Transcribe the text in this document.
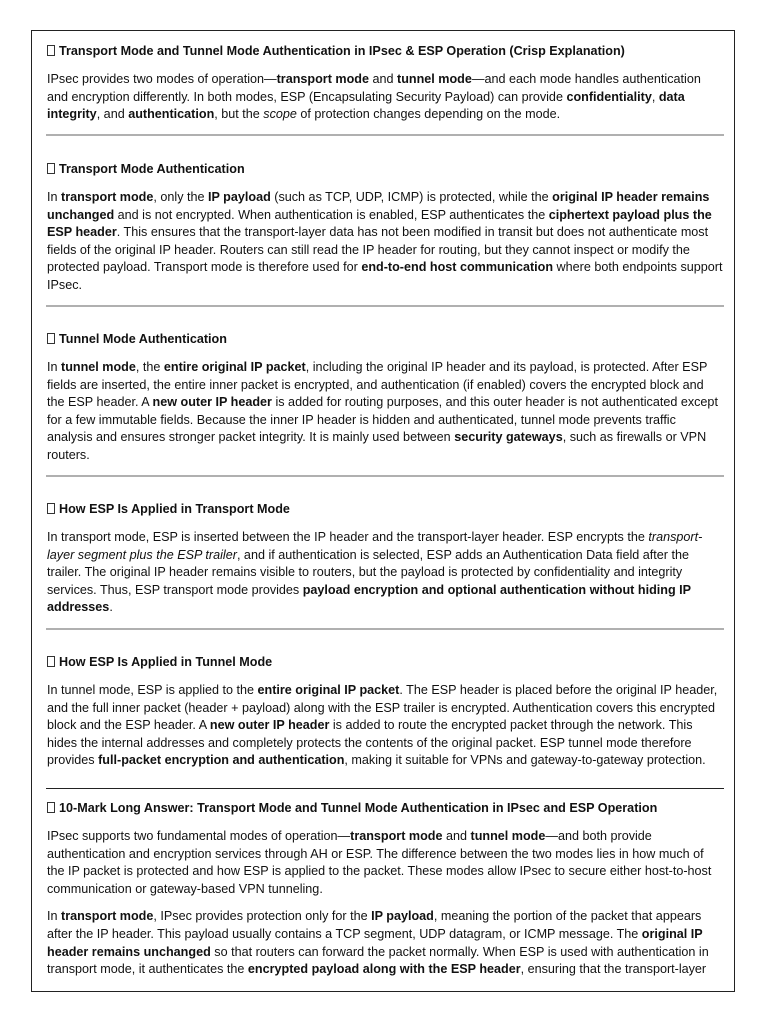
Transport Mode and Tunnel Mode Authentication in IPsec & ESP Operation (Crisp Explanation)

IPsec provides two modes of operation—transport mode and tunnel mode—and each mode handles authentication and encryption differently. In both modes, ESP (Encapsulating Security Payload) can provide confidentiality, data integrity, and authentication, but the scope of protection changes depending on the mode.

Transport Mode Authentication

In transport mode, only the IP payload (such as TCP, UDP, ICMP) is protected, while the original IP header remains unchanged and is not encrypted. When authentication is enabled, ESP authenticates the ciphertext payload plus the ESP header. This ensures that the transport-layer data has not been modified in transit but does not authenticate most fields of the original IP header. Routers can still read the IP header for routing, but they cannot inspect or modify the protected payload. Transport mode is therefore used for end-to-end host communication where both endpoints support IPsec.

Tunnel Mode Authentication

In tunnel mode, the entire original IP packet, including the original IP header and its payload, is protected. After ESP fields are inserted, the entire inner packet is encrypted, and authentication (if enabled) covers the encrypted block and the ESP header. A new outer IP header is added for routing purposes, and this outer header is not authenticated except for a few immutable fields. Because the inner IP header is hidden and authenticated, tunnel mode prevents traffic analysis and ensures stronger packet integrity. It is mainly used between security gateways, such as firewalls or VPN routers.

How ESP Is Applied in Transport Mode

In transport mode, ESP is inserted between the IP header and the transport-layer header. ESP encrypts the transport-layer segment plus the ESP trailer, and if authentication is selected, ESP adds an Authentication Data field after the trailer. The original IP header remains visible to routers, but the payload is protected by confidentiality and integrity services. Thus, ESP transport mode provides payload encryption and optional authentication without hiding IP addresses.

How ESP Is Applied in Tunnel Mode

In tunnel mode, ESP is applied to the entire original IP packet. The ESP header is placed before the original IP header, and the full inner packet (header + payload) along with the ESP trailer is encrypted. Authentication covers this encrypted block and the ESP header. A new outer IP header is added to route the encrypted packet through the network. This hides the internal addresses and completely protects the contents of the original packet. ESP tunnel mode therefore provides full-packet encryption and authentication, making it suitable for VPNs and gateway-to-gateway protection.

10-Mark Long Answer: Transport Mode and Tunnel Mode Authentication in IPsec and ESP Operation

IPsec supports two fundamental modes of operation—transport mode and tunnel mode—and both provide authentication and encryption services through AH or ESP. The difference between the two modes lies in how much of the IP packet is protected and how ESP is applied to the packet. These modes allow IPsec to secure either host-to-host communication or gateway-based VPN tunneling.

In transport mode, IPsec provides protection only for the IP payload, meaning the portion of the packet that appears after the IP header. This payload usually contains a TCP segment, UDP datagram, or ICMP message. The original IP header remains unchanged so that routers can forward the packet normally. When ESP is used with authentication in transport mode, it authenticates the encrypted payload along with the ESP header, ensuring that the transport-layer
